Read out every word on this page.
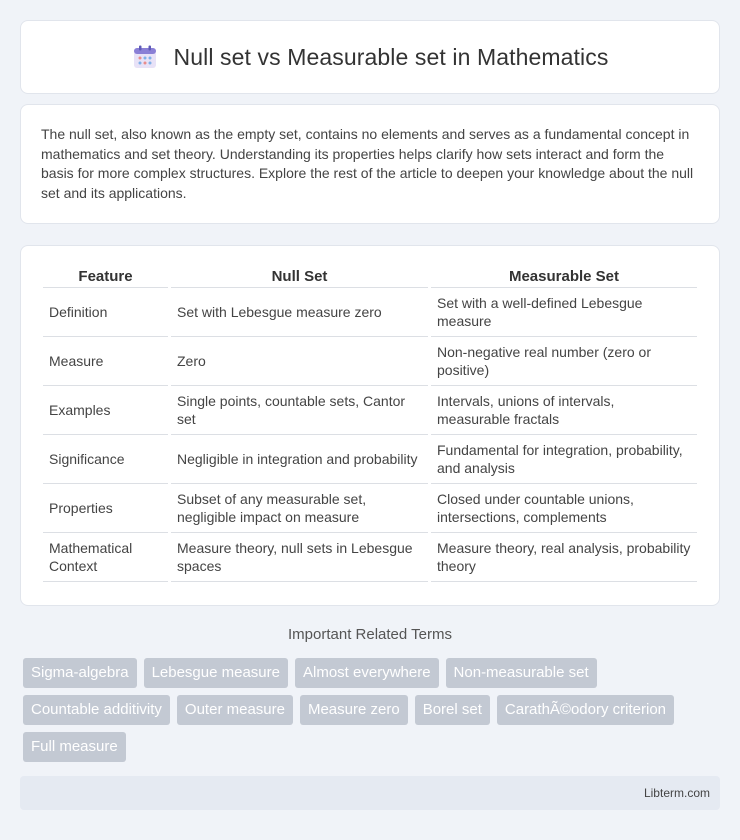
Null set vs Measurable set in Mathematics

The null set, also known as the empty set, contains no elements and serves as a fundamental concept in mathematics and set theory. Understanding its properties helps clarify how sets interact and form the basis for more complex structures. Explore the rest of the article to deepen your knowledge about the null set and its applications.

Feature	Null Set	Measurable Set
Definition	Set with Lebesgue measure zero	Set with a well-defined Lebesgue measure
Measure	Zero	Non-negative real number (zero or positive)
Examples	Single points, countable sets, Cantor set	Intervals, unions of intervals, measurable fractals
Significance	Negligible in integration and probability	Fundamental for integration, probability, and analysis
Properties	Subset of any measurable set, negligible impact on measure	Closed under countable unions, intersections, complements
Mathematical Context	Measure theory, null sets in Lebesgue spaces	Measure theory, real analysis, probability theory
Important Related Terms
Sigma-algebra	Lebesgue measure	Almost everywhere	Non-measurable set
Countable additivity	Outer measure	Measure zero	Borel set	CarathÃ©odory criterion
Full measure
Libterm.com
